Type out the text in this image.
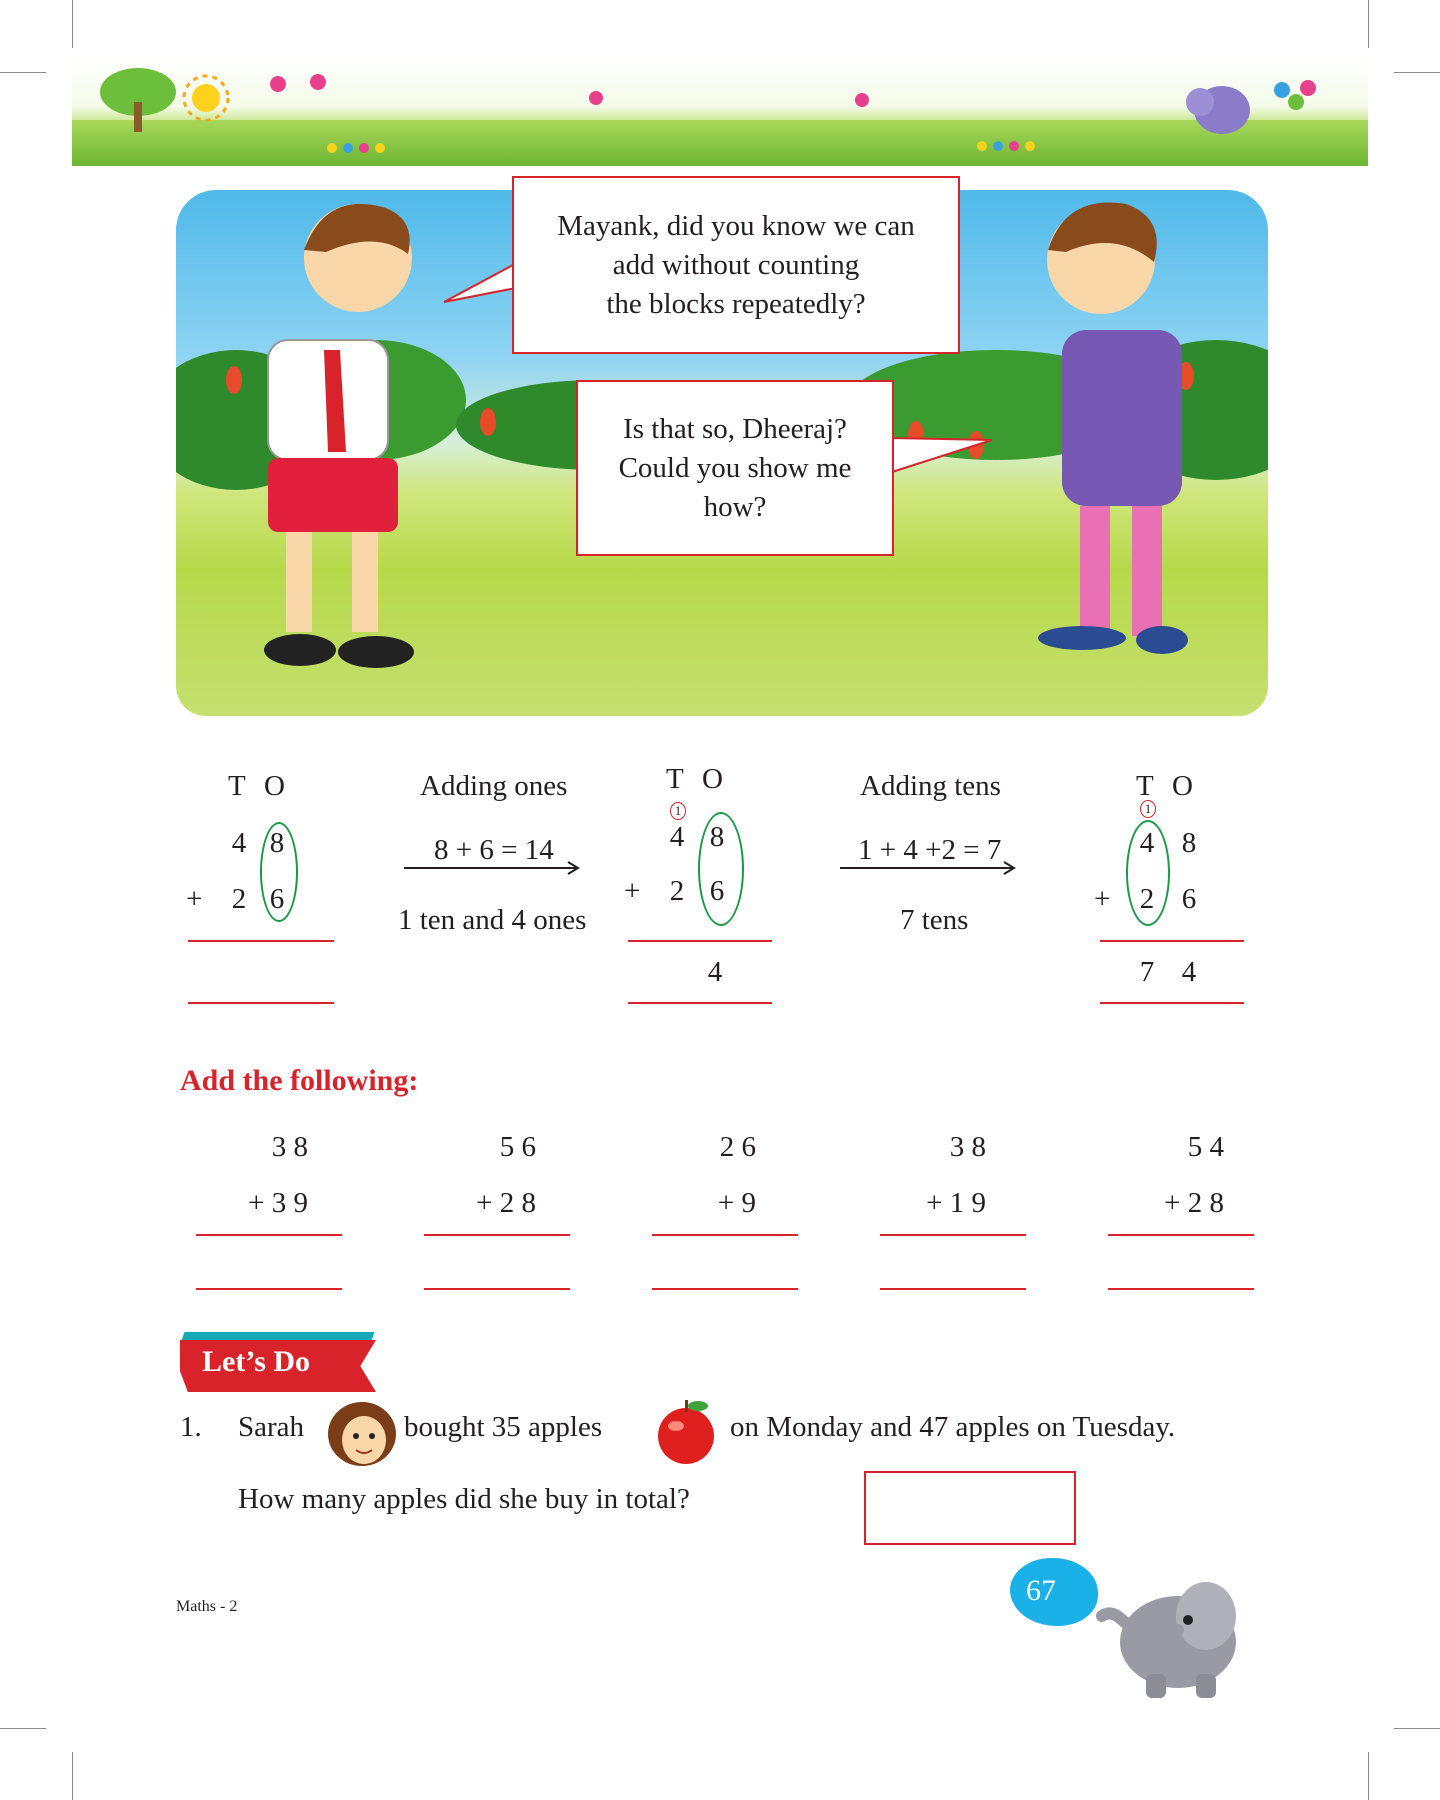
Mayank, did you know we can
add without counting
the blocks repeatedly?
Is that so, Dheeraj?
Could you show me
how?
T O
4 8
+ 2 6
Adding ones
8 + 6 = 14
1 ten and 4 ones
T O
1
4 8
+ 2 6
4
Adding tens
1 + 4 +2 = 7
7 tens
T O
1
4 8
+ 2 6
7 4
Add the following:
3 8
+ 3 9
5 6
+ 2 8
2 6
+ 9
3 8
+ 1 9
5 4
+ 2 8
Let’s Do
1. Sarah	bought 35 apples	on Monday and 47 apples on Tuesday.
How many apples did she buy in total?
Maths - 2	67
